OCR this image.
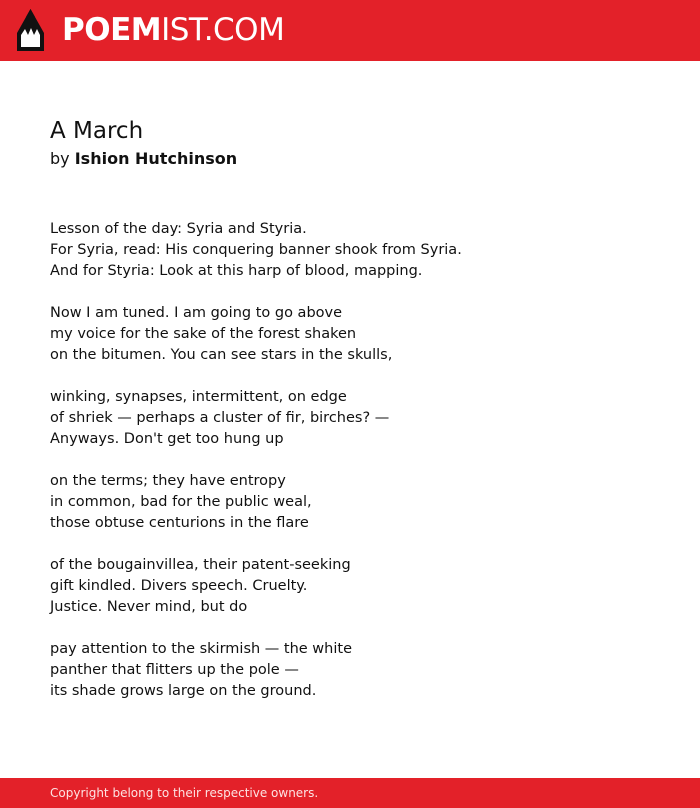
POEMIST.COM
A March
by Ishion Hutchinson
Lesson of the day: Syria and Styria.
For Syria, read: His conquering banner shook from Syria.
And for Styria: Look at this harp of blood, mapping.
Now I am tuned. I am going to go above
my voice for the sake of the forest shaken
on the bitumen. You can see stars in the skulls,
winking, synapses, intermittent, on edge
of shriek — perhaps a cluster of fir, birches? —
Anyways. Don't get too hung up
on the terms; they have entropy
in common, bad for the public weal,
those obtuse centurions in the flare
of the bougainvillea, their patent-seeking
gift kindled. Divers speech. Cruelty.
Justice. Never mind, but do
pay attention to the skirmish — the white
panther that flitters up the pole —
its shade grows large on the ground.
Copyright belong to their respective owners.
